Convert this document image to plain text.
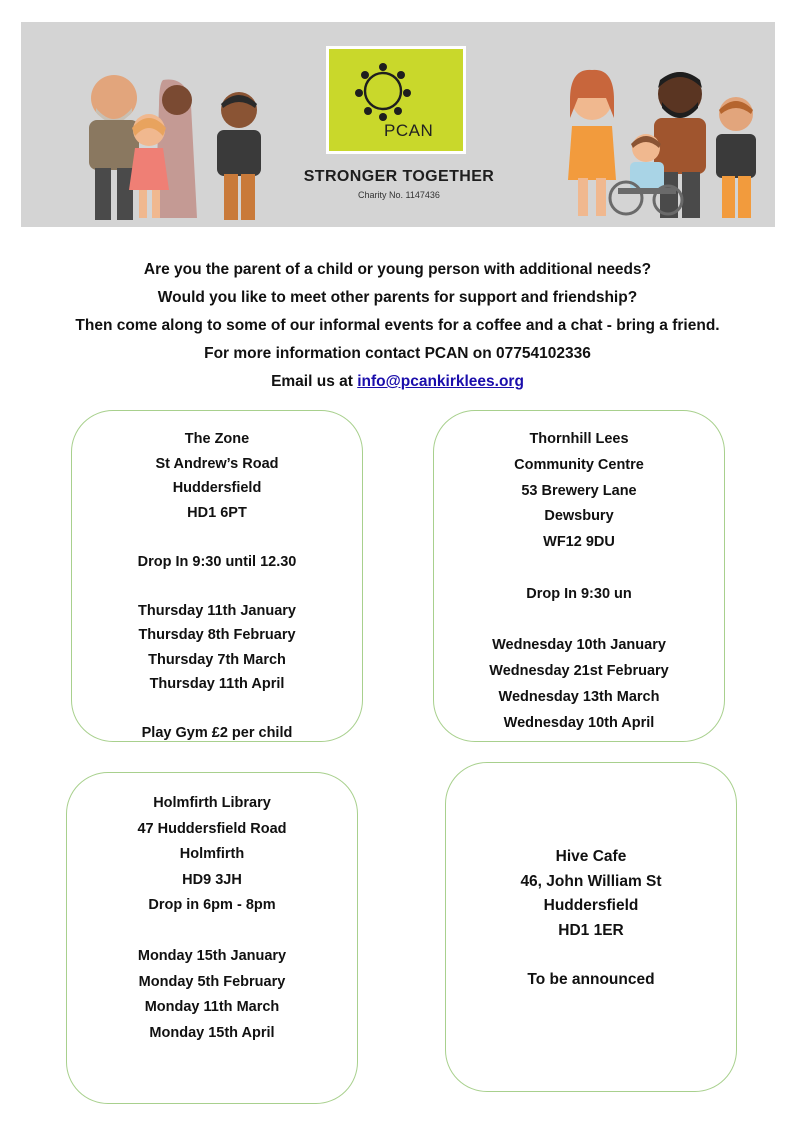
PCAN
STRONGER TOGETHER
Charity No. 1147436
Are you the parent of a child or young person with additional needs?
Would you like to meet other parents for support and friendship?
Then come along to some of our informal events for a coffee and a chat - bring a friend.
For more information contact PCAN on 07754102336
Email us at info@pcankirklees.org
The Zone
St Andrew’s Road
Huddersfield
HD1 6PT
Drop In 9:30 until 12.30
Thursday 11th January
Thursday 8th February
Thursday 7th March
Thursday 11th April
Play Gym £2 per child
Thornhill Lees
Community Centre
53 Brewery Lane
Dewsbury
WF12 9DU
Drop In 9:30 un
Wednesday 10th January
Wednesday 21st February
Wednesday 13th March
Wednesday 10th April
Holmfirth Library
47 Huddersfield Road
Holmfirth
HD9 3JH
Drop in 6pm - 8pm
Monday 15th January
Monday 5th February
Monday 11th March
Monday 15th April
Hive Cafe
46, John William St
Huddersfield
HD1 1ER
To be announced
